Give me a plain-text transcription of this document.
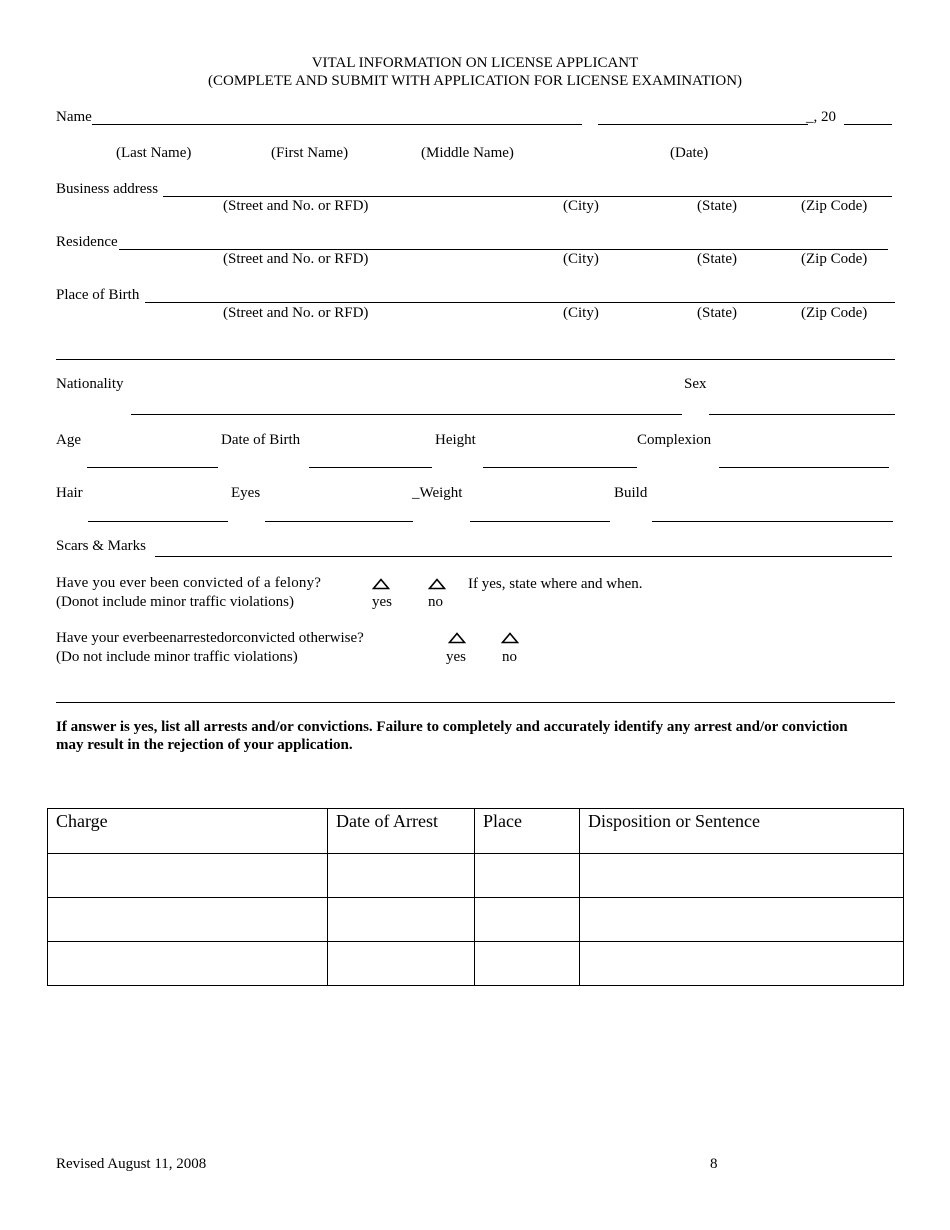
VITAL INFORMATION ON LICENSE APPLICANT
(COMPLETE AND SUBMIT WITH APPLICATION FOR LICENSE EXAMINATION)
Name	_, 20
(Last Name)	(First Name)	(Middle Name)	(Date)
Business address
(Street and No. or RFD)	(City)	(State)	(Zip Code)
Residence
(Street and No. or RFD)	(City)	(State)	(Zip Code)
Place of Birth
(Street and No. or RFD)	(City)	(State)	(Zip Code)
Nationality	Sex
Age	Date of Birth	Height	Complexion
Hair	Eyes	_Weight	Build
Scars & Marks
Have you ever been convicted of a felony?
(Donot include minor traffic violations)	yes no
If yes, state where and when.
Have your everbeenarrestedorconvicted otherwise?
(Do not include minor traffic violations)	yes no
If answer is yes, list all arrests and/or convictions. Failure to completely and accurately identify any arrest and/or conviction
may result in the rejection of your application.
Charge	Date of Arrest	Place	Disposition or Sentence

Revised August 11, 2008	8
